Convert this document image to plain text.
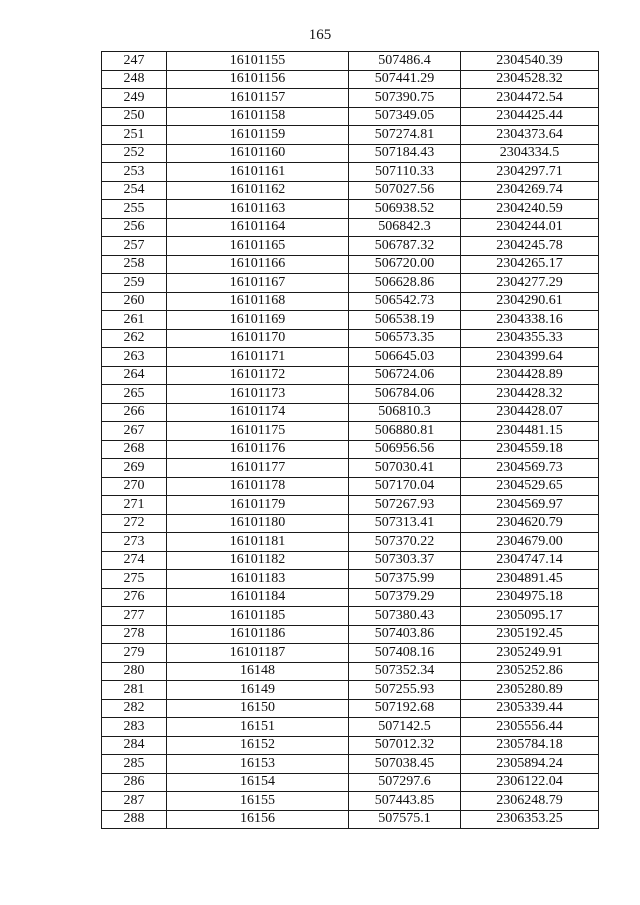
165
247	16101155	507486.4	2304540.39
248	16101156	507441.29	2304528.32
249	16101157	507390.75	2304472.54
250	16101158	507349.05	2304425.44
251	16101159	507274.81	2304373.64
252	16101160	507184.43	2304334.5
253	16101161	507110.33	2304297.71
254	16101162	507027.56	2304269.74
255	16101163	506938.52	2304240.59
256	16101164	506842.3	2304244.01
257	16101165	506787.32	2304245.78
258	16101166	506720.00	2304265.17
259	16101167	506628.86	2304277.29
260	16101168	506542.73	2304290.61
261	16101169	506538.19	2304338.16
262	16101170	506573.35	2304355.33
263	16101171	506645.03	2304399.64
264	16101172	506724.06	2304428.89
265	16101173	506784.06	2304428.32
266	16101174	506810.3	2304428.07
267	16101175	506880.81	2304481.15
268	16101176	506956.56	2304559.18
269	16101177	507030.41	2304569.73
270	16101178	507170.04	2304529.65
271	16101179	507267.93	2304569.97
272	16101180	507313.41	2304620.79
273	16101181	507370.22	2304679.00
274	16101182	507303.37	2304747.14
275	16101183	507375.99	2304891.45
276	16101184	507379.29	2304975.18
277	16101185	507380.43	2305095.17
278	16101186	507403.86	2305192.45
279	16101187	507408.16	2305249.91
280	16148	507352.34	2305252.86
281	16149	507255.93	2305280.89
282	16150	507192.68	2305339.44
283	16151	507142.5	2305556.44
284	16152	507012.32	2305784.18
285	16153	507038.45	2305894.24
286	16154	507297.6	2306122.04
287	16155	507443.85	2306248.79
288	16156	507575.1	2306353.25
